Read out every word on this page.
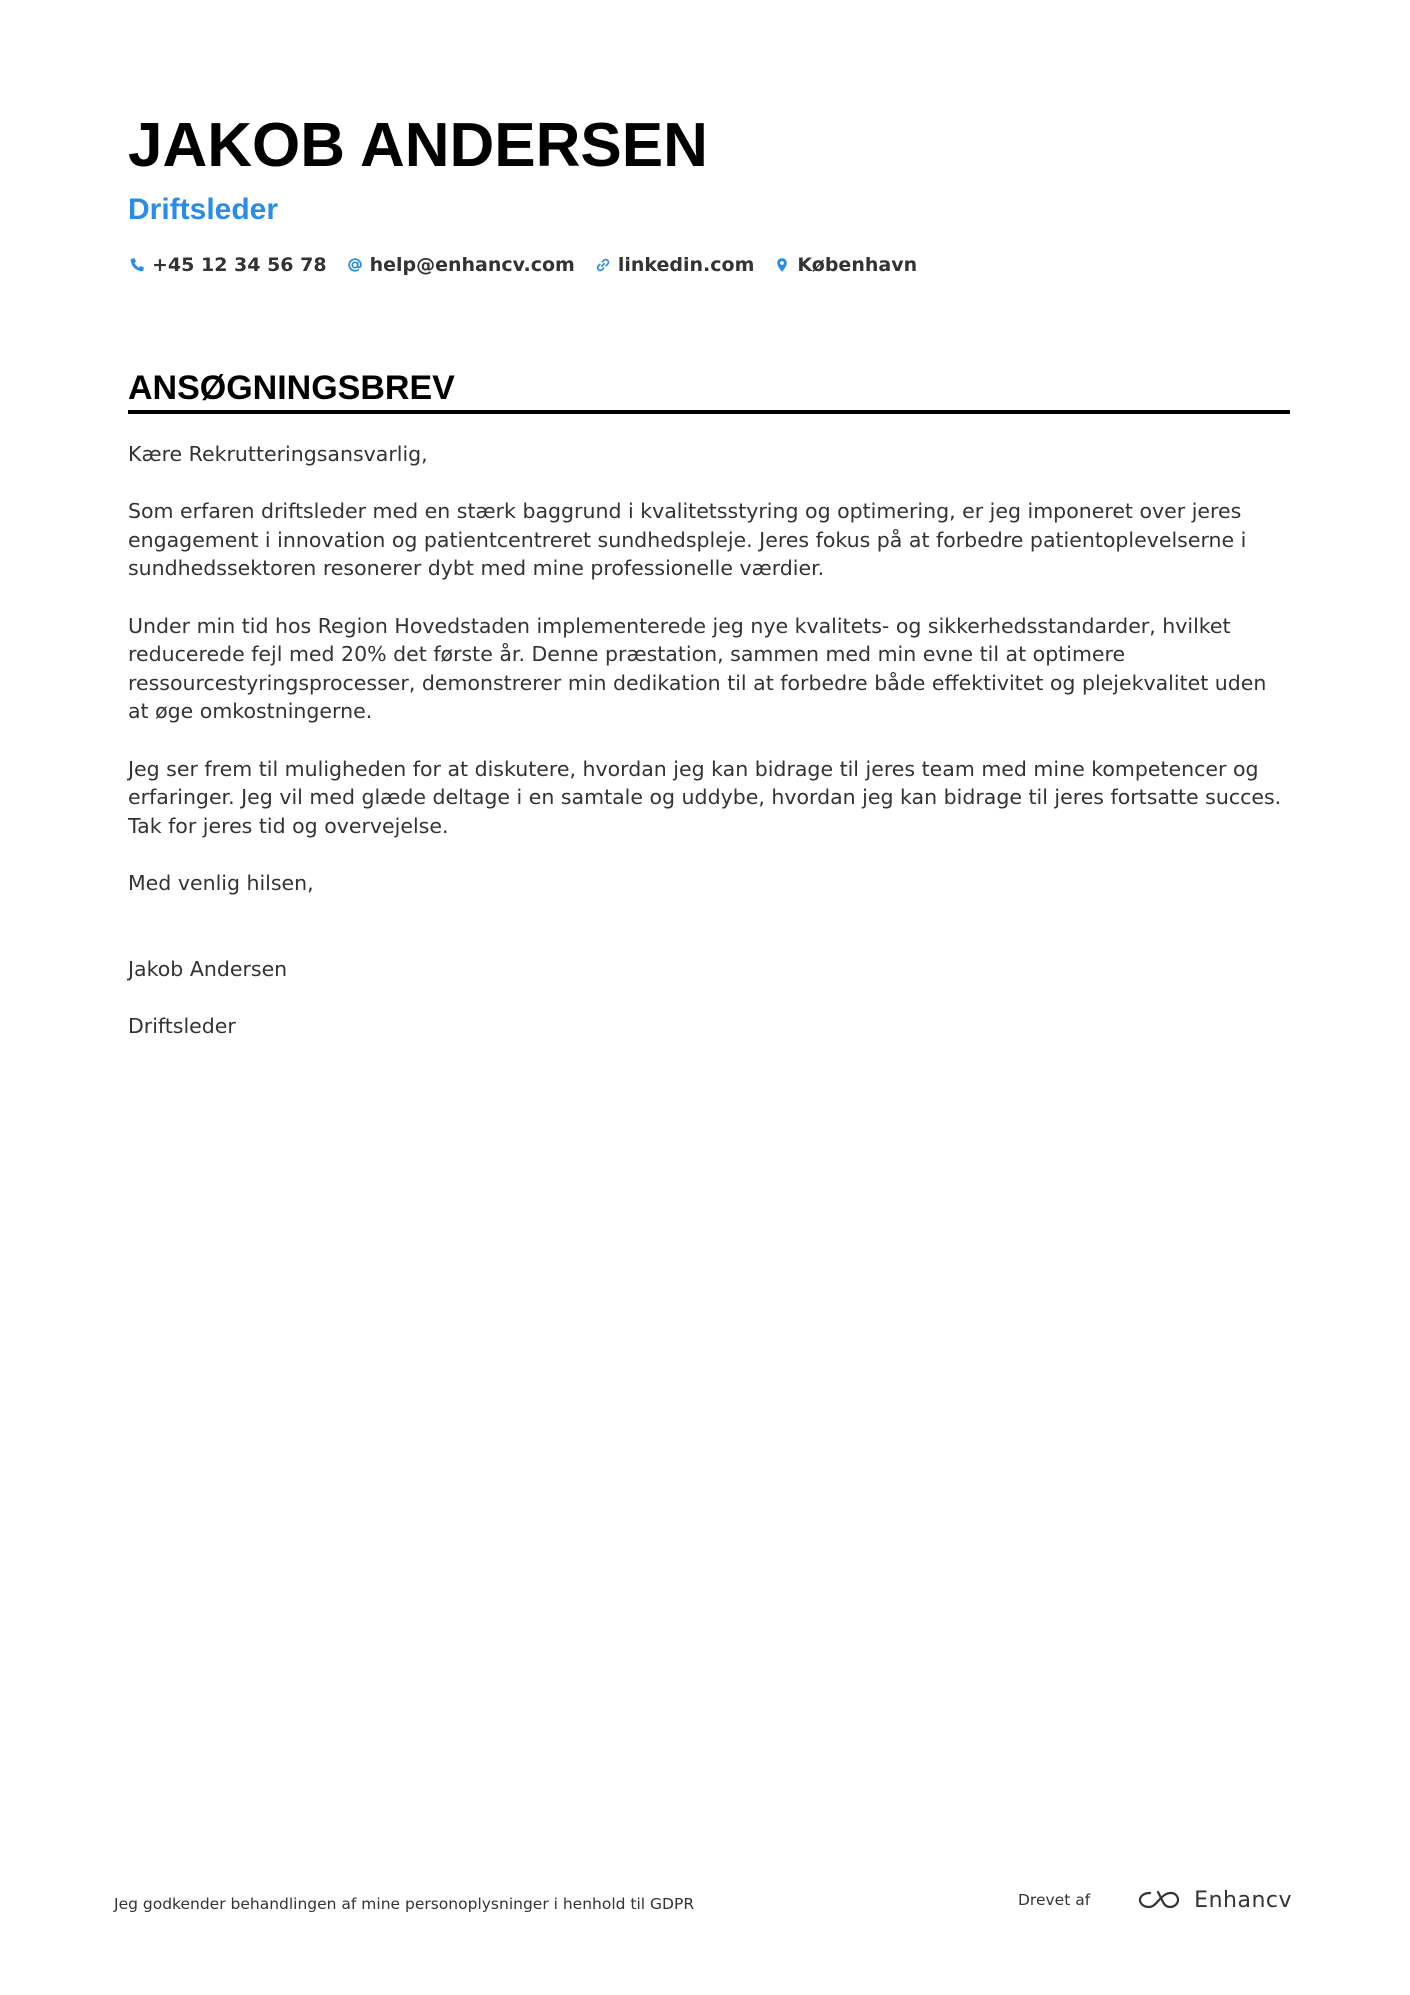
JAKOB ANDERSEN
Driftsleder
+45 12 34 56 78 help@enhancv.com linkedin.com København
ANSØGNINGSBREV

Kære Rekrutteringsansvarlig,

Som erfaren driftsleder med en stærk baggrund i kvalitetsstyring og optimering, er jeg imponeret over jeres engagement i innovation og patientcentreret sundhedspleje. Jeres fokus på at forbedre patientoplevelserne i sundhedssektoren resonerer dybt med mine professionelle værdier.

Under min tid hos Region Hovedstaden implementerede jeg nye kvalitets- og sikkerhedsstandarder, hvilket reducerede fejl med 20% det første år. Denne præstation, sammen med min evne til at optimere ressourcestyringsprocesser, demonstrerer min dedikation til at forbedre både effektivitet og plejekvalitet uden at øge omkostningerne.

Jeg ser frem til muligheden for at diskutere, hvordan jeg kan bidrage til jeres team med mine kompetencer og erfaringer. Jeg vil med glæde deltage i en samtale og uddybe, hvordan jeg kan bidrage til jeres fortsatte succes. Tak for jeres tid og overvejelse.

Med venlig hilsen,

Jakob Andersen

Driftsleder

Jeg godkender behandlingen af mine personoplysninger i henhold til GDPR	Drevet af	Enhancv
